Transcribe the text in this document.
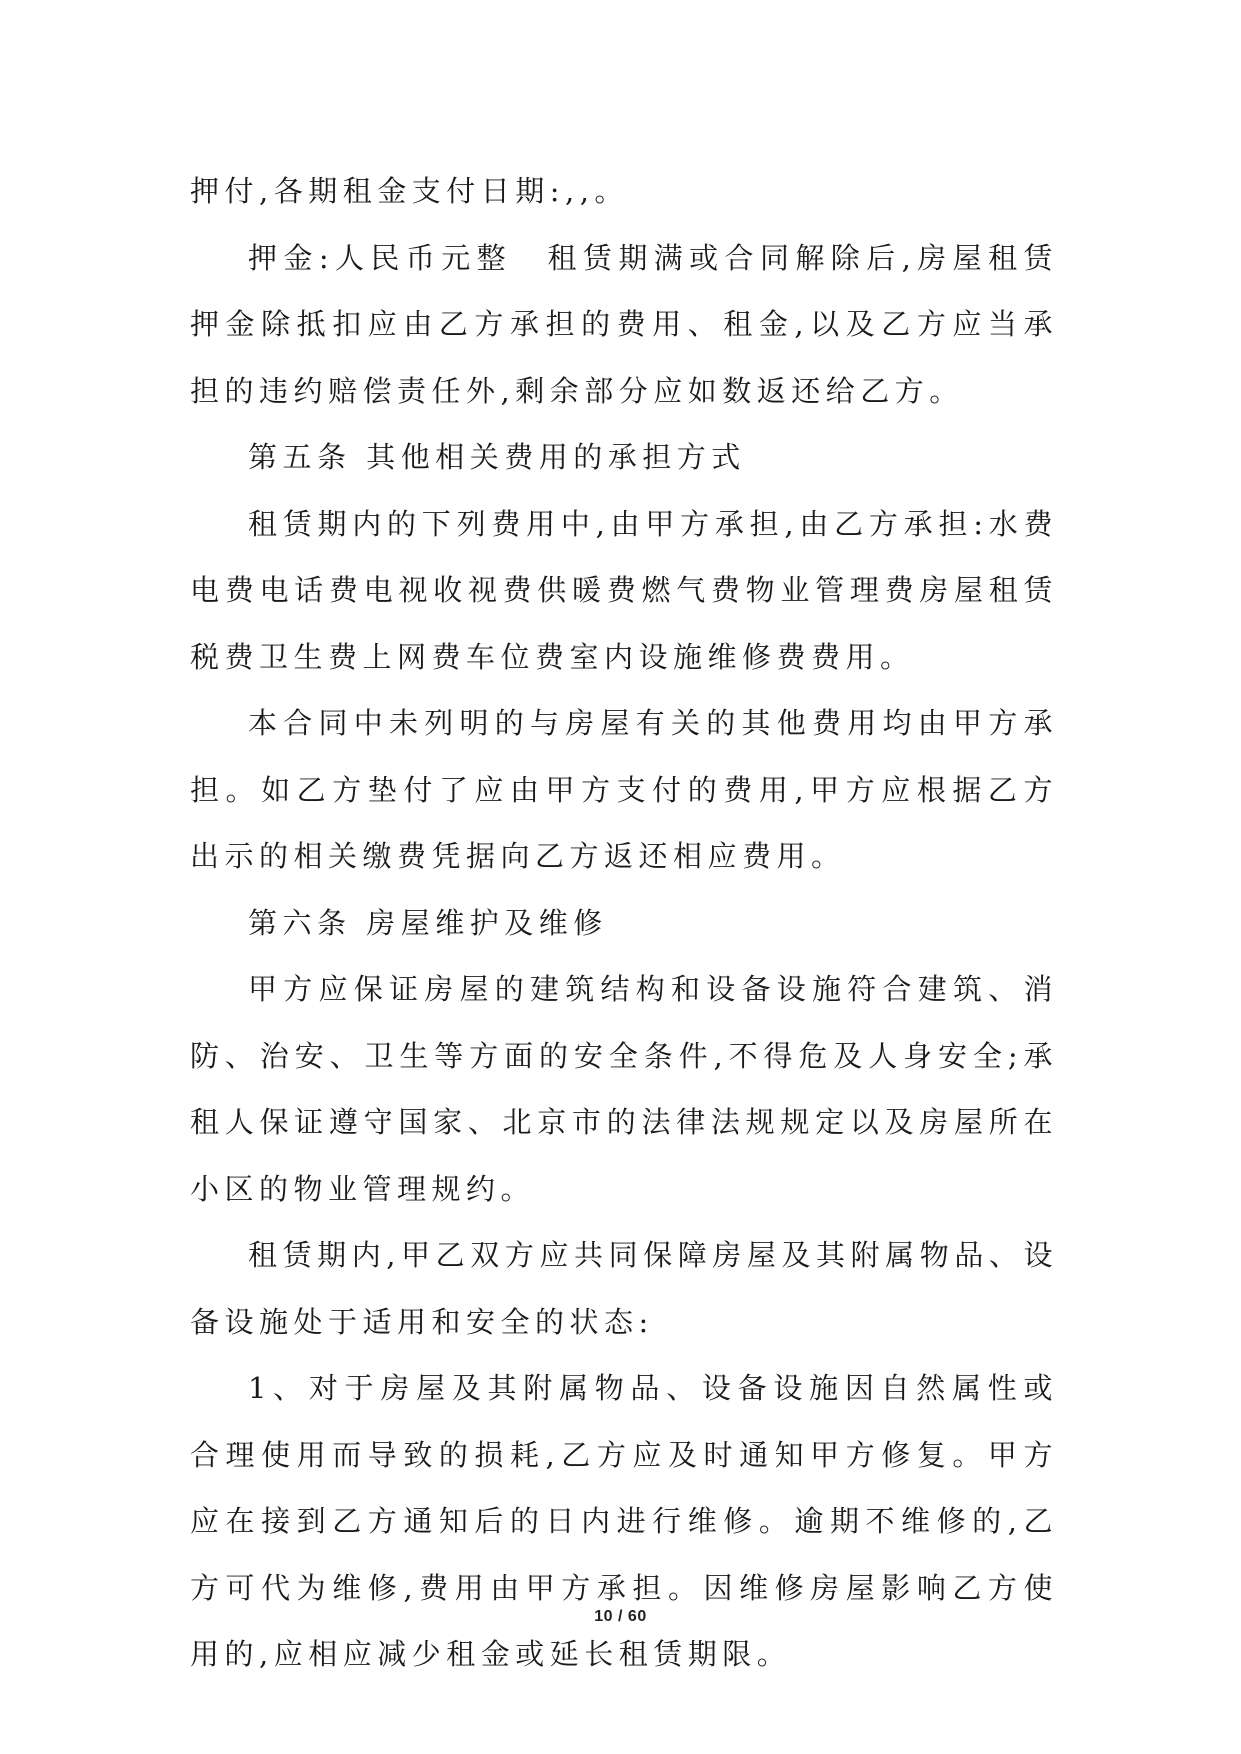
押付,各期租金支付日期:,,。

押金:人民币元整　租赁期满或合同解除后,房屋租赁押金除抵扣应由乙方承担的费用、租金,以及乙方应当承担的违约赔偿责任外,剩余部分应如数返还给乙方。

第五条 其他相关费用的承担方式

租赁期内的下列费用中,由甲方承担,由乙方承担:水费电费电话费电视收视费供暖费燃气费物业管理费房屋租赁税费卫生费上网费车位费室内设施维修费费用。

本合同中未列明的与房屋有关的其他费用均由甲方承担。如乙方垫付了应由甲方支付的费用,甲方应根据乙方出示的相关缴费凭据向乙方返还相应费用。

第六条 房屋维护及维修

甲方应保证房屋的建筑结构和设备设施符合建筑、消防、治安、卫生等方面的安全条件,不得危及人身安全;承租人保证遵守国家、北京市的法律法规规定以及房屋所在小区的物业管理规约。

租赁期内,甲乙双方应共同保障房屋及其附属物品、设备设施处于适用和安全的状态:

1、对于房屋及其附属物品、设备设施因自然属性或合理使用而导致的损耗,乙方应及时通知甲方修复。甲方应在接到乙方通知后的日内进行维修。逾期不维修的,乙方可代为维修,费用由甲方承担。因维修房屋影响乙方使用的,应相应减少租金或延长租赁期限。

10 / 60
